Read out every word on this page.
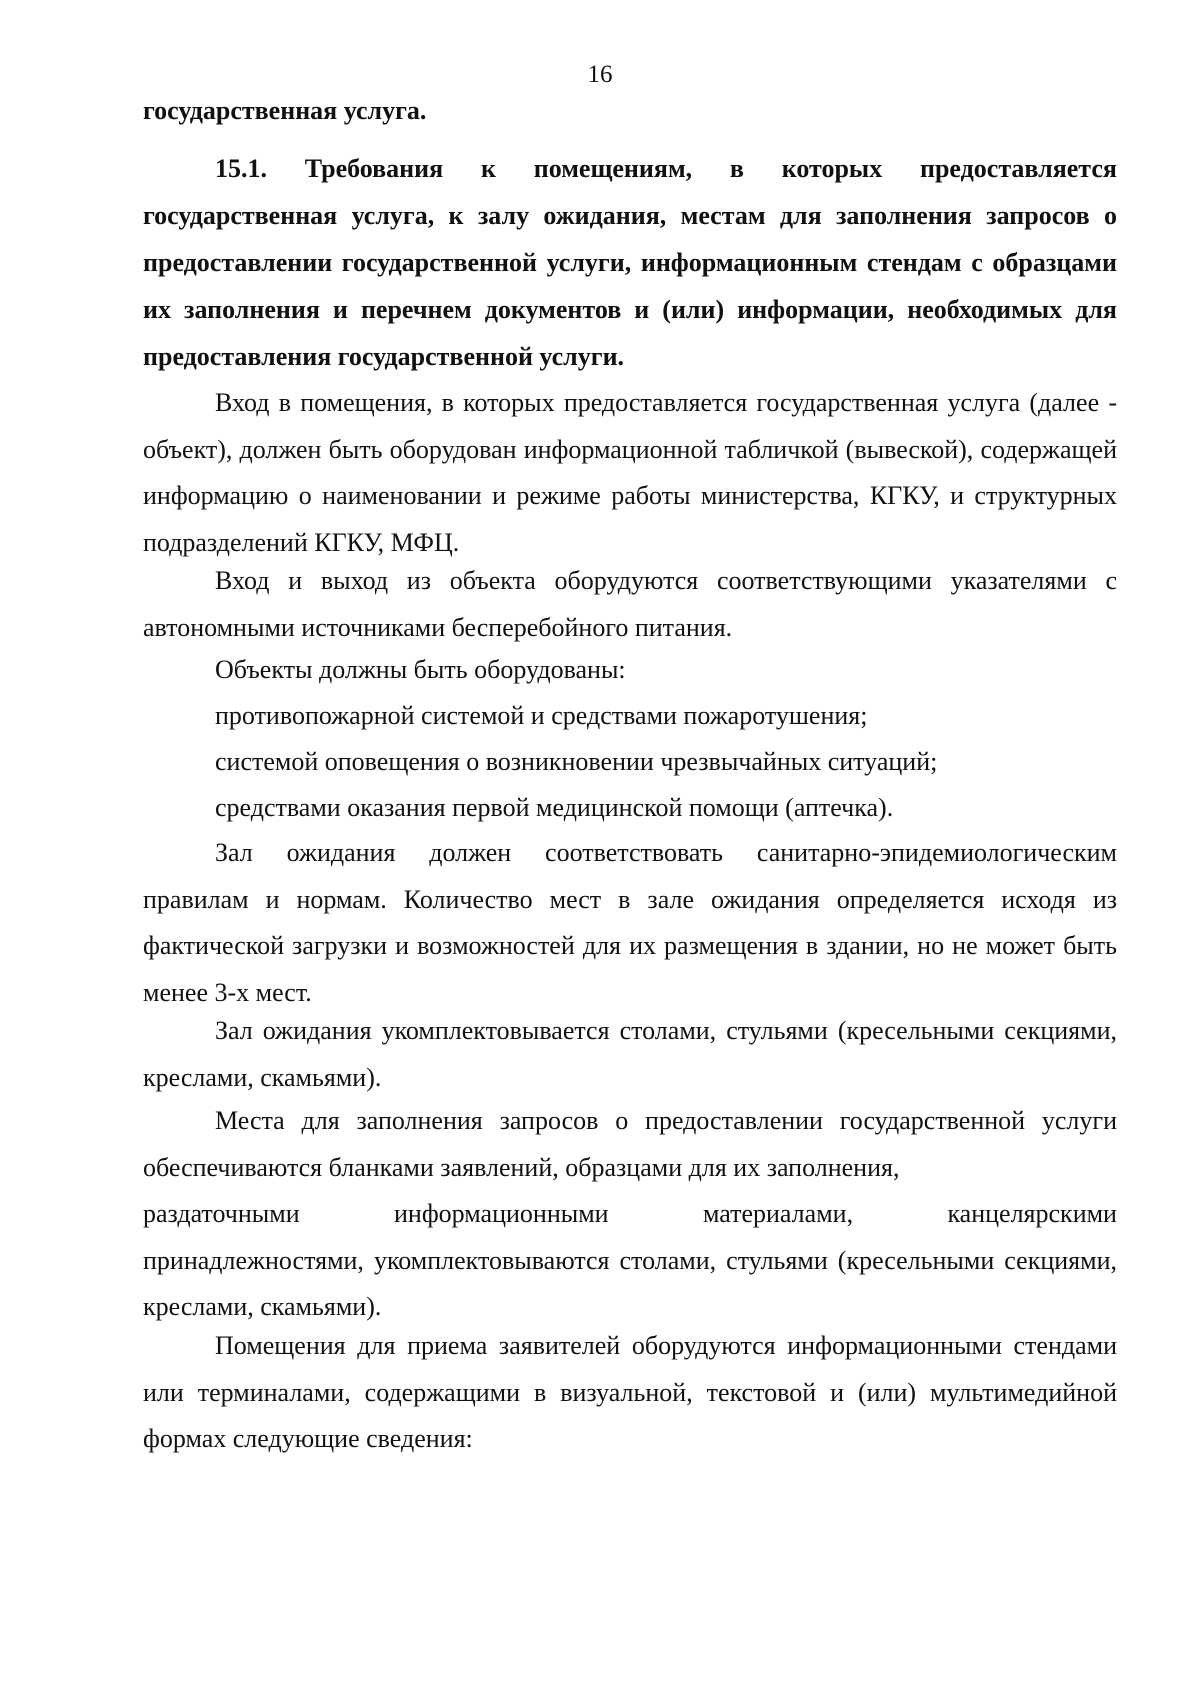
16

государственная услуга.

15.1. Требования к помещениям, в которых предоставляется государственная услуга, к залу ожидания, местам для заполнения запросов о предоставлении государственной услуги, информационным стендам с образцами их заполнения и перечнем документов и (или) информации, необходимых для предоставления государственной услуги.

Вход в помещения, в которых предоставляется государственная услуга (далее - объект), должен быть оборудован информационной табличкой (вывеской), содержащей информацию о наименовании и режиме работы министерства, КГКУ, и структурных подразделений КГКУ, МФЦ.

Вход и выход из объекта оборудуются соответствующими указателями с автономными источниками бесперебойного питания.

Объекты должны быть оборудованы:

противопожарной системой и средствами пожаротушения;

системой оповещения о возникновении чрезвычайных ситуаций;

средствами оказания первой медицинской помощи (аптечка).

Зал ожидания должен соответствовать санитарно-эпидемиологическим правилам и нормам. Количество мест в зале ожидания определяется исходя из фактической загрузки и возможностей для их размещения в здании, но не может быть менее 3-х мест.

Зал ожидания укомплектовывается столами, стульями (кресельными секциями, креслами, скамьями).

Места для заполнения запросов о предоставлении государственной услуги обеспечиваются бланками заявлений, образцами для их заполнения,

раздаточными	информационными	материалами,	канцелярскими

принадлежностями, укомплектовываются столами, стульями (кресельными секциями, креслами, скамьями).

Помещения для приема заявителей оборудуются информационными стендами или терминалами, содержащими в визуальной, текстовой и (или) мультимедийной формах следующие сведения:
